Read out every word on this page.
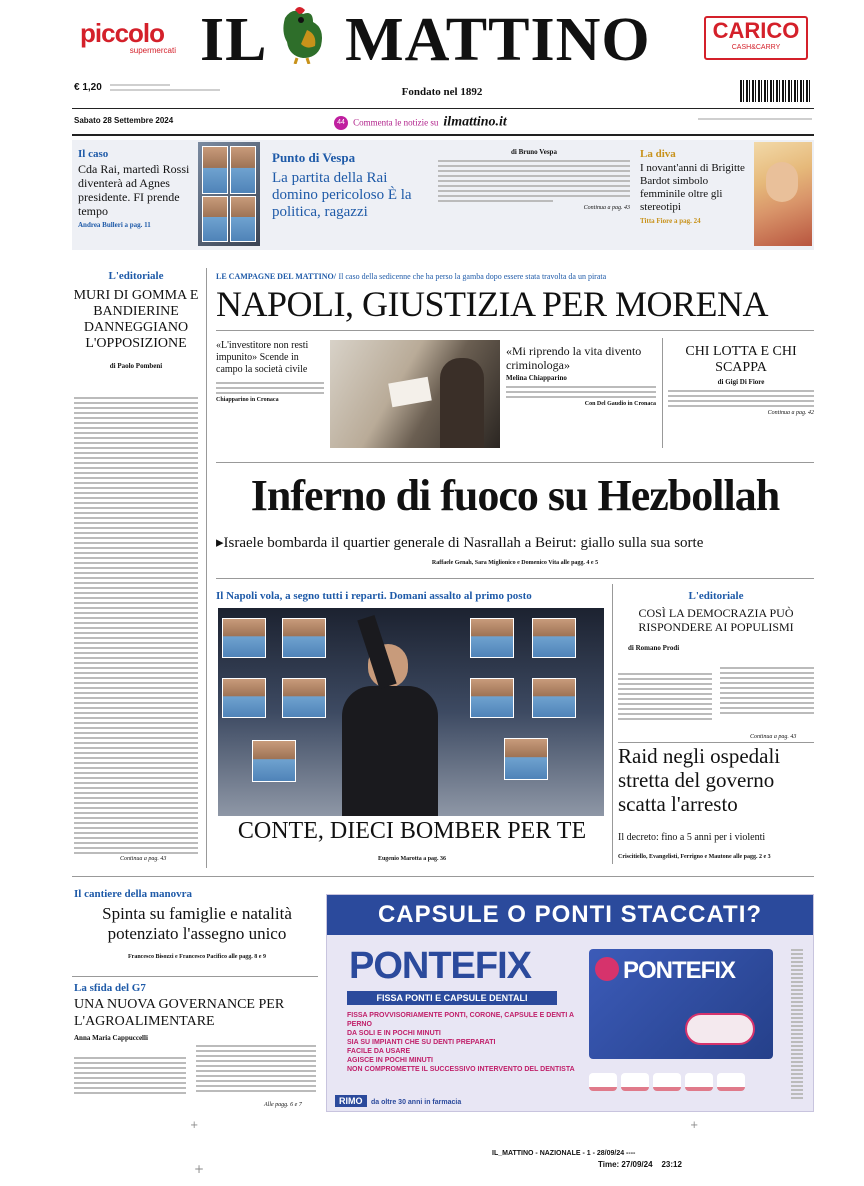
piccolo
supermercati IL MATTINO	CARICO
CASH&CARRY
€ 1,20	Fondato nel 1892
Sabato 28 Settembre 2024	44 Commenta le notizie su ilmattino.it
Il caso
Cda Rai, martedì Rossi diventerà ad Agnes presidente. FI prende tempo
Andrea Bulleri a pag. 11
Punto di Vespa
La partita della Rai domino pericoloso È la politica, ragazzi
di Bruno Vespa
Continua a pag. 43
La diva
I novant'anni di Brigitte Bardot simbolo femminile oltre gli stereotipi
Titta Fiore a pag. 24
L'editoriale
MURI DI GOMMA E BANDIERINE DANNEGGIANO L'OPPOSIZIONE
di Paolo Pombeni
Continua a pag. 43
LE CAMPAGNE DEL MATTINO/ Il caso della sedicenne che ha perso la gamba dopo essere stata travolta da un pirata
NAPOLI, GIUSTIZIA PER MORENA
«L'investitore non resti impunito» Scende in campo la società civile
Chiapparino in Cronaca
«Mi riprendo la vita divento criminologa»
Melina Chiapparino
Con Del Gaudio in Cronaca
CHI LOTTA E CHI SCAPPA
di Gigi Di Fiore
Continua a pag. 42
Inferno di fuoco su Hezbollah
▸Israele bombarda il quartier generale di Nasrallah a Beirut: giallo sulla sua sorte
Raffaele Genah, Sara Miglionico e Domenico Vita alle pagg. 4 e 5
Il Napoli vola, a segno tutti i reparti. Domani assalto al primo posto
CONTE, DIECI BOMBER PER TE
Eugenio Marotta a pag. 36
L'editoriale
COSÌ LA DEMOCRAZIA PUÒ RISPONDERE AI POPULISMI
di Romano Prodi
Continua a pag. 43
Raid negli ospedali stretta del governo scatta l'arresto
Il decreto: fino a 5 anni per i violenti
Criscitiello, Evangelisti, Ferrigno e Mautone alle pagg. 2 e 3
Il cantiere della manovra
Spinta su famiglie e natalità potenziato l'assegno unico
Francesco Bisozzi e Francesco Pacifico alle pagg. 8 e 9
La sfida del G7
UNA NUOVA GOVERNANCE PER L'AGROALIMENTARE
Anna Maria Cappuccelli
Alle pagg. 6 e 7
CAPSULE O PONTI STACCATI?
PONTEFIX
FISSA PONTI E CAPSULE DENTALI
FISSA PROVVISORIAMENTE PONTI, CORONE, CAPSULE E DENTI A PERNO
DA SOLI E IN POCHI MINUTI
SIA SU IMPIANTI CHE SU DENTI PREPARATI
FACILE DA USARE
AGISCE IN POCHI MINUTI
NON COMPROMETTE IL SUCCESSIVO INTERVENTO DEL DENTISTA
RIMO da oltre 30 anni in farmacia
PONTEFIX
+	+
+
IL_MATTINO - NAZIONALE - 1 - 28/09/24 ----
Time: 27/09/24    23:12
